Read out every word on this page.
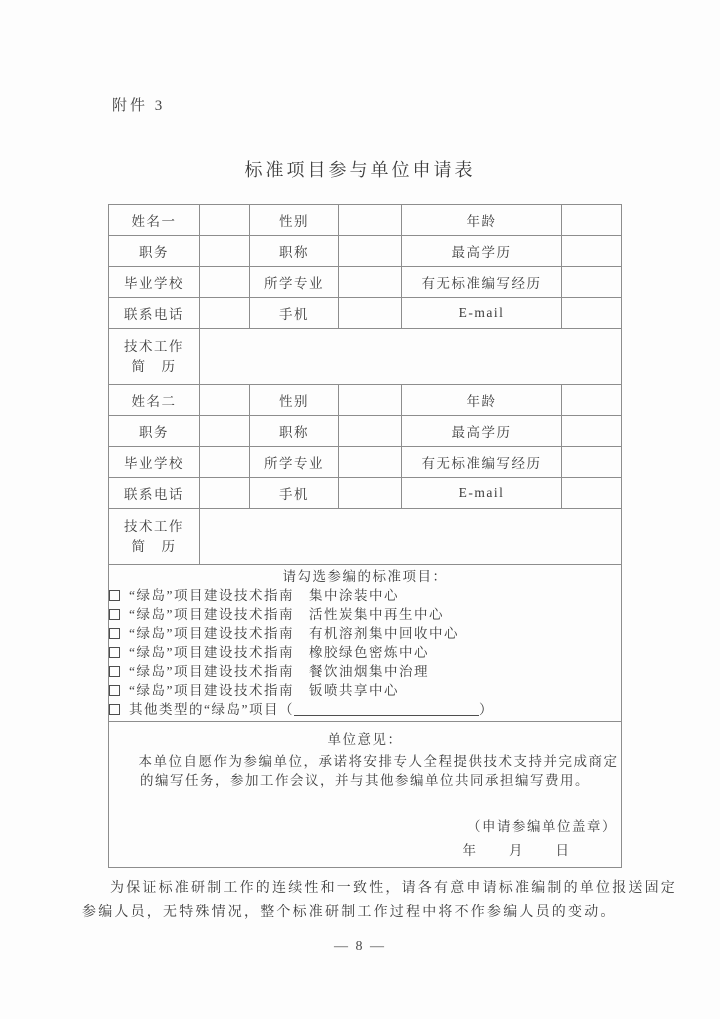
附件 3
标准项目参与单位申请表
姓名一		性别		年龄	
职务		职称		最高学历	
毕业学校		所学专业		有无标准编写经历	
联系电话		手机		E-mail	

技术工作
简　历					

姓名二		性别		年龄	
职务		职称		最高学历	
毕业学校		所学专业		有无标准编写经历	
联系电话		手机		E-mail	

技术工作
简　历					

请勾选参编的标准项目：
“绿岛”项目建设技术指南　集中涂装中心
“绿岛”项目建设技术指南　活性炭集中再生中心
“绿岛”项目建设技术指南　有机溶剂集中回收中心
“绿岛”项目建设技术指南　橡胶绿色密炼中心
“绿岛”项目建设技术指南　餐饮油烟集中治理
“绿岛”项目建设技术指南　钣喷共享中心
其他类型的“绿岛”项目（	）

单位意见：
本单位自愿作为参编单位，承诺将安排专人全程提供技术支持并完成商定的编写任务，参加工作会议，并与其他参编单位共同承担编写费用。
（申请参编单位盖章）
年　　月　　日					
为保证标准研制工作的连续性和一致性，请各有意申请标准编制的单位报送固定参编人员，无特殊情况，整个标准研制工作过程中将不作参编人员的变动。
— 8 —
